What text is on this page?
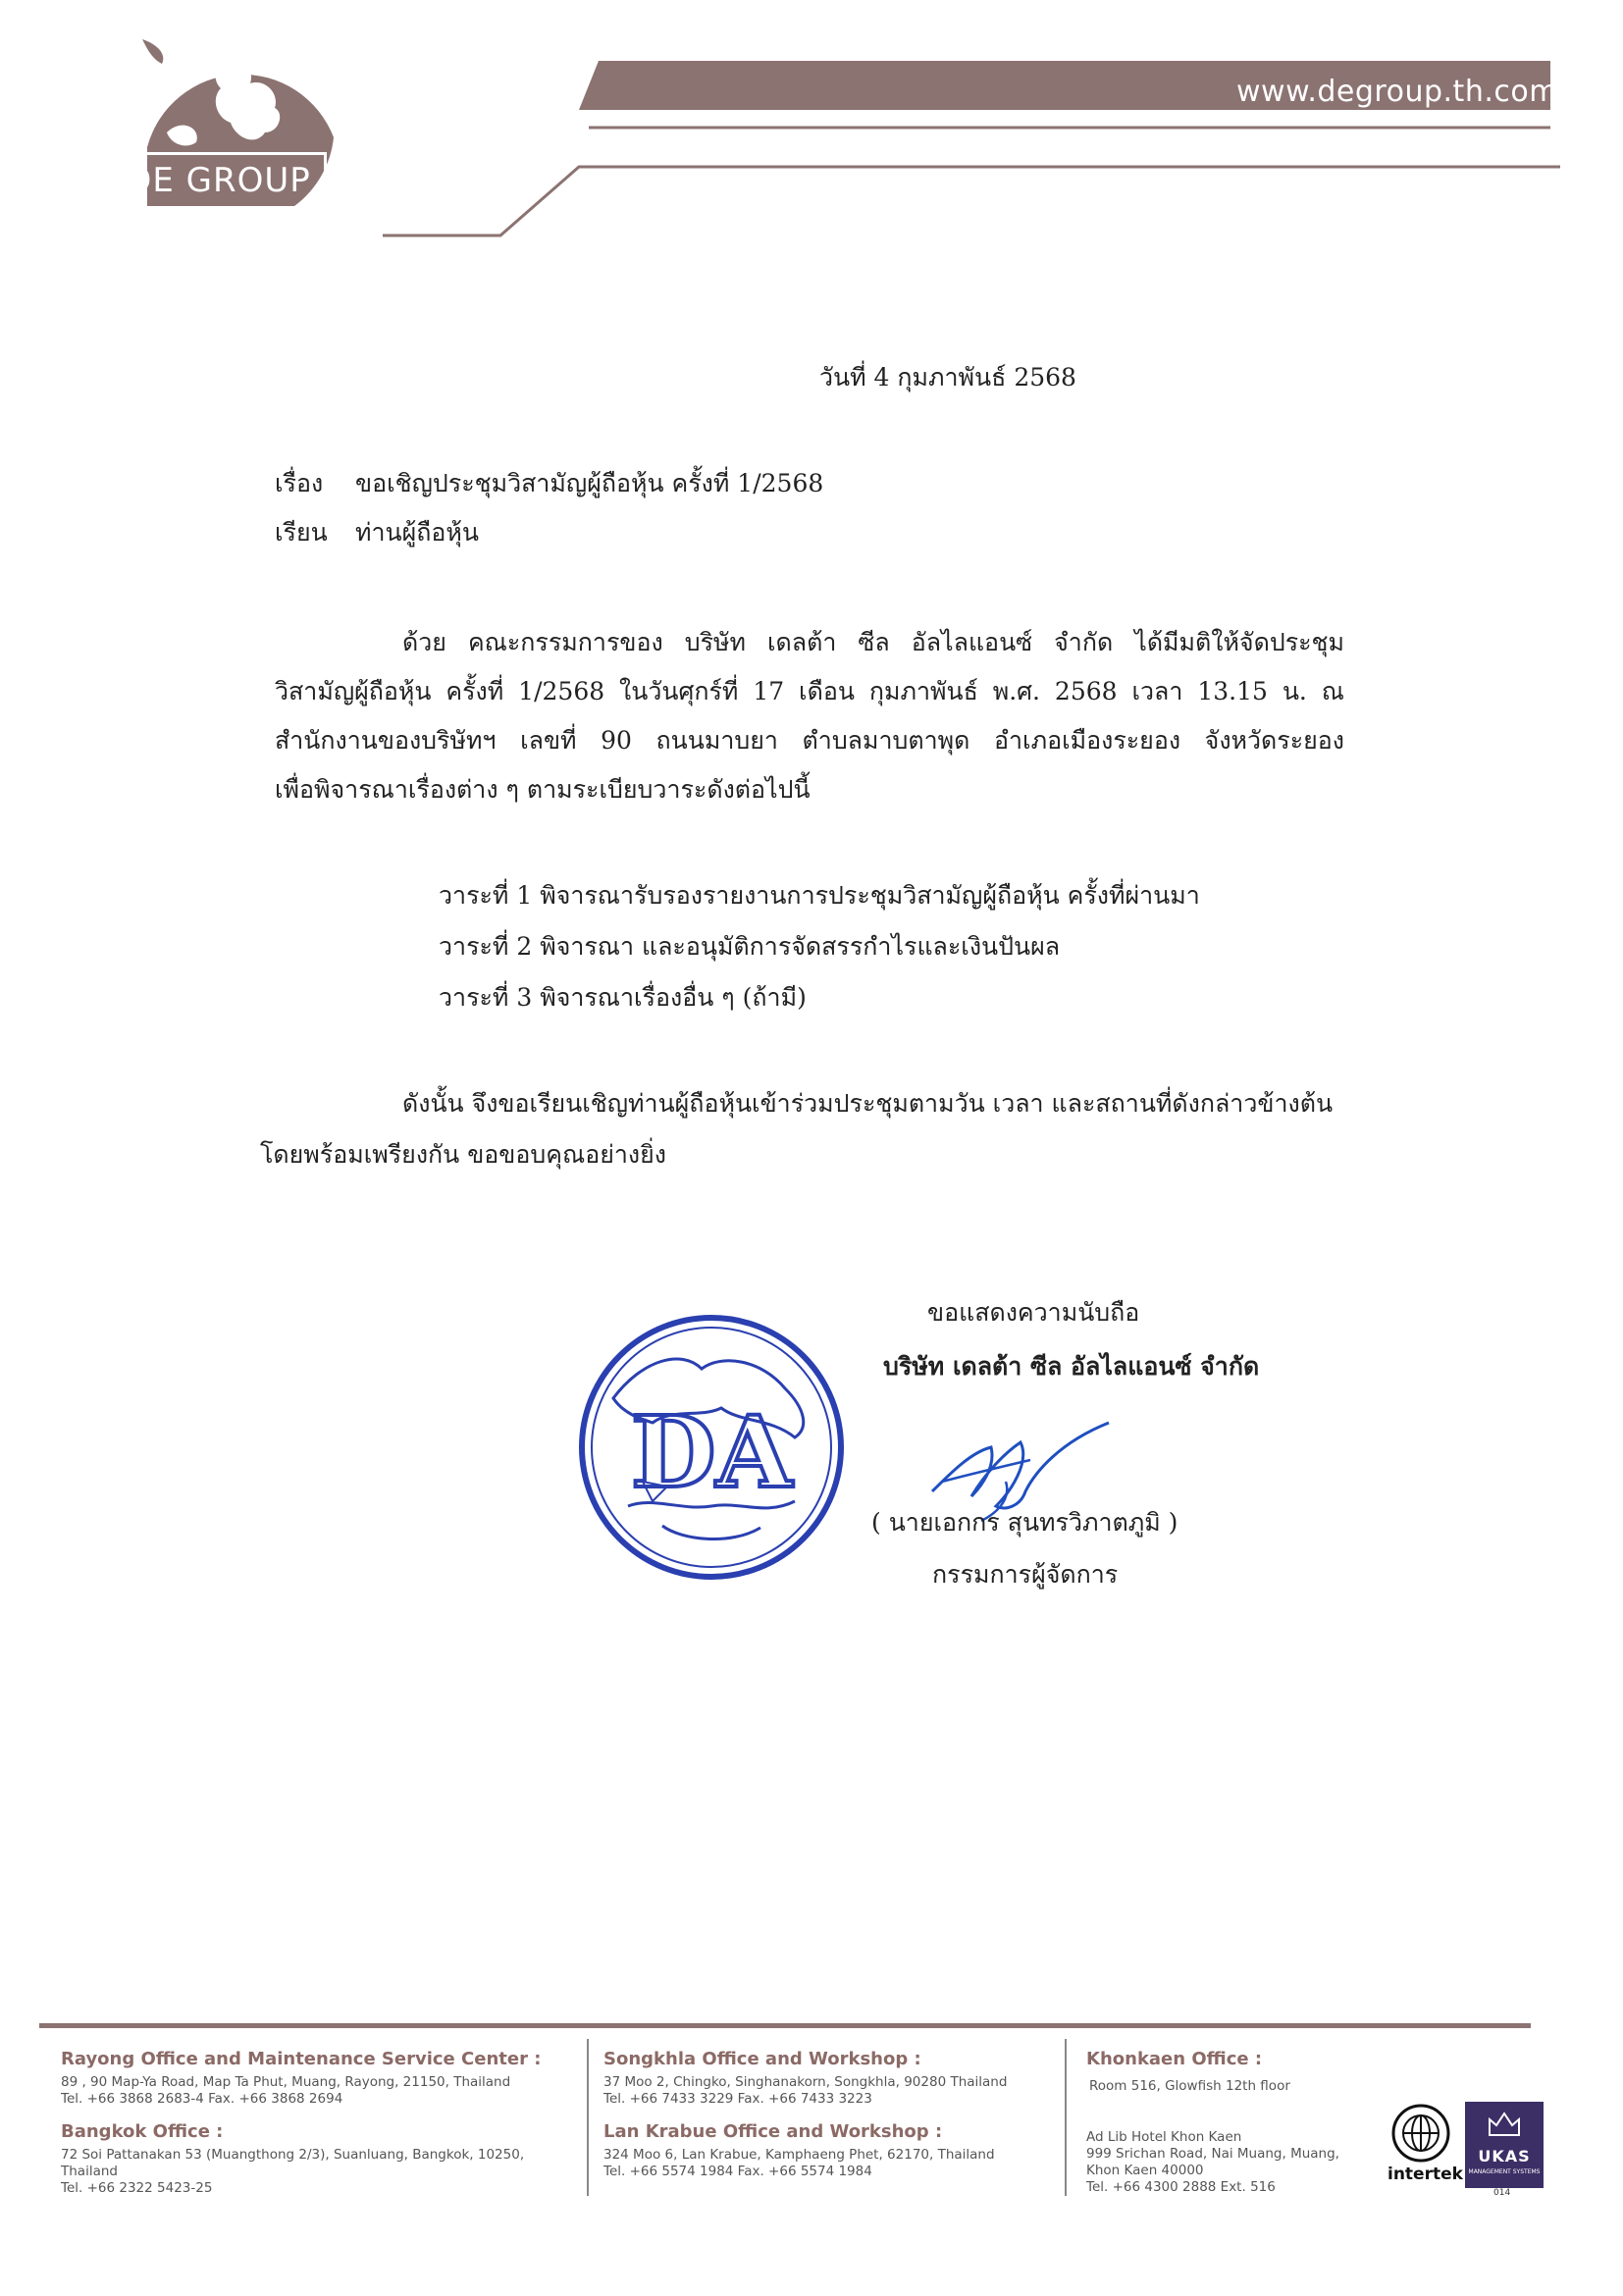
DE GROUP
www.degroup.th.com
วันที่ 4 กุมภาพันธ์ 2568
เรื่อง ขอเชิญประชุมวิสามัญผู้ถือหุ้น ครั้งที่ 1/2568
เรียน ท่านผู้ถือหุ้น
ด้วย คณะกรรมการของ บริษัท เดลต้า ซีล อัลไลแอนซ์ จำกัด ได้มีมติให้จัดประชุม
วิสามัญผู้ถือหุ้น ครั้งที่ 1/2568 ในวันศุกร์ที่ 17 เดือน กุมภาพันธ์ พ.ศ. 2568 เวลา 13.15 น. ณ
สำนักงานของบริษัทฯ เลขที่ 90 ถนนมาบยา ตำบลมาบตาพุด อำเภอเมืองระยอง จังหวัดระยอง
เพื่อพิจารณาเรื่องต่าง ๆ ตามระเบียบวาระดังต่อไปนี้
วาระที่ 1 พิจารณารับรองรายงานการประชุมวิสามัญผู้ถือหุ้น ครั้งที่ผ่านมา
วาระที่ 2 พิจารณา และอนุมัติการจัดสรรกำไรและเงินปันผล
วาระที่ 3 พิจารณาเรื่องอื่น ๆ (ถ้ามี)
ดังนั้น จึงขอเรียนเชิญท่านผู้ถือหุ้นเข้าร่วมประชุมตามวัน เวลา และสถานที่ดังกล่าวข้างต้น
โดยพร้อมเพรียงกัน ขอขอบคุณอย่างยิ่ง
ขอแสดงความนับถือ
บริษัท เดลต้า ซีล อัลไลแอนซ์ จำกัด
DA
( นายเอกกร สุนทรวิภาตภูมิ )
กรรมการผู้จัดการ
Rayong Office and Maintenance Service Center :
89 , 90 Map-Ya Road, Map Ta Phut, Muang, Rayong, 21150, Thailand
Tel. +66 3868 2683-4 Fax. +66 3868 2694
Bangkok Office :
72 Soi Pattanakan 53 (Muangthong 2/3), Suanluang, Bangkok, 10250,
Thailand
Tel. +66 2322 5423-25
Songkhla Office and Workshop :
37 Moo 2, Chingko, Singhanakorn, Songkhla, 90280 Thailand
Tel. +66 7433 3229 Fax. +66 7433 3223
Lan Krabue Office and Workshop :
324 Moo 6, Lan Krabue, Kamphaeng Phet, 62170, Thailand
Tel. +66 5574 1984 Fax. +66 5574 1984
Khonkaen Office :
Room 516, Glowfish 12th floor
Ad Lib Hotel Khon Kaen
999 Srichan Road, Nai Muang, Muang,
Khon Kaen 40000
Tel. +66 4300 2888 Ext. 516
intertek
UKAS
MANAGEMENT SYSTEMS
014
